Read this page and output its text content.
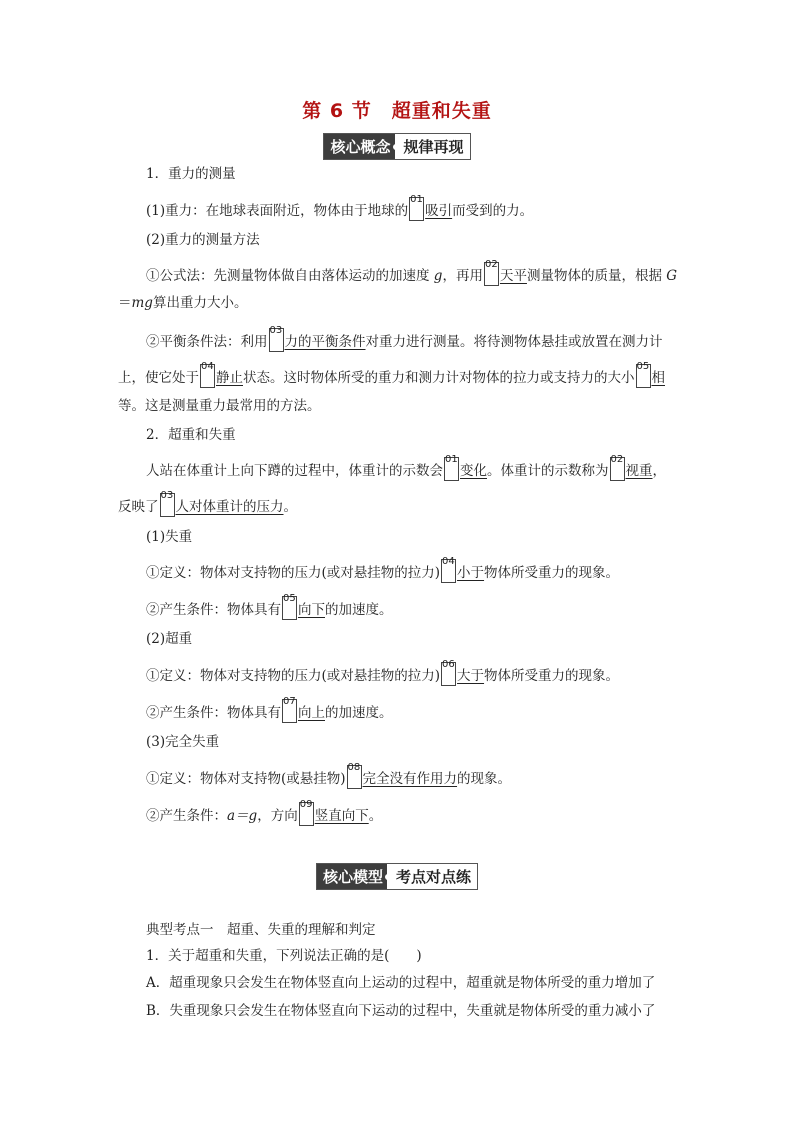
第 6 节　超重和失重
核心概念 规律再现
1．重力的测量
(1)重力：在地球表面附近，物体由于地球的
01
吸引而受到的力。
(2)重力的测量方法
①公式法：先测量物体做自由落体运动的加速度 g，再用
02
天平测量物体的质量，根据 G
＝mg算出重力大小。
②平衡条件法：利用
03
力的平衡条件对重力进行测量。将待测物体悬挂或放置在测力计
上，使它处于
04
静止状态。这时物体所受的重力和测力计对物体的拉力或支持力的大小
05
相
等。这是测量重力最常用的方法。
2．超重和失重
人站在体重计上向下蹲的过程中，体重计的示数会
01
变化。体重计的示数称为
02
视重，
反映了
03
人对体重计的压力。
(1)失重
①定义：物体对支持物的压力(或对悬挂物的拉力)
04
小于物体所受重力的现象。
②产生条件：物体具有
05
向下的加速度。
(2)超重
①定义：物体对支持物的压力(或对悬挂物的拉力)
06
大于物体所受重力的现象。
②产生条件：物体具有
07
向上的加速度。
(3)完全失重
①定义：物体对支持物(或悬挂物)
08
完全没有作用力的现象。
②产生条件：a＝g，方向
09
竖直向下。
核心模型 考点对点练
典型考点一　超重、失重的理解和判定
1．关于超重和失重，下列说法正确的是(　　)
A．超重现象只会发生在物体竖直向上运动的过程中，超重就是物体所受的重力增加了
B．失重现象只会发生在物体竖直向下运动的过程中，失重就是物体所受的重力减小了
